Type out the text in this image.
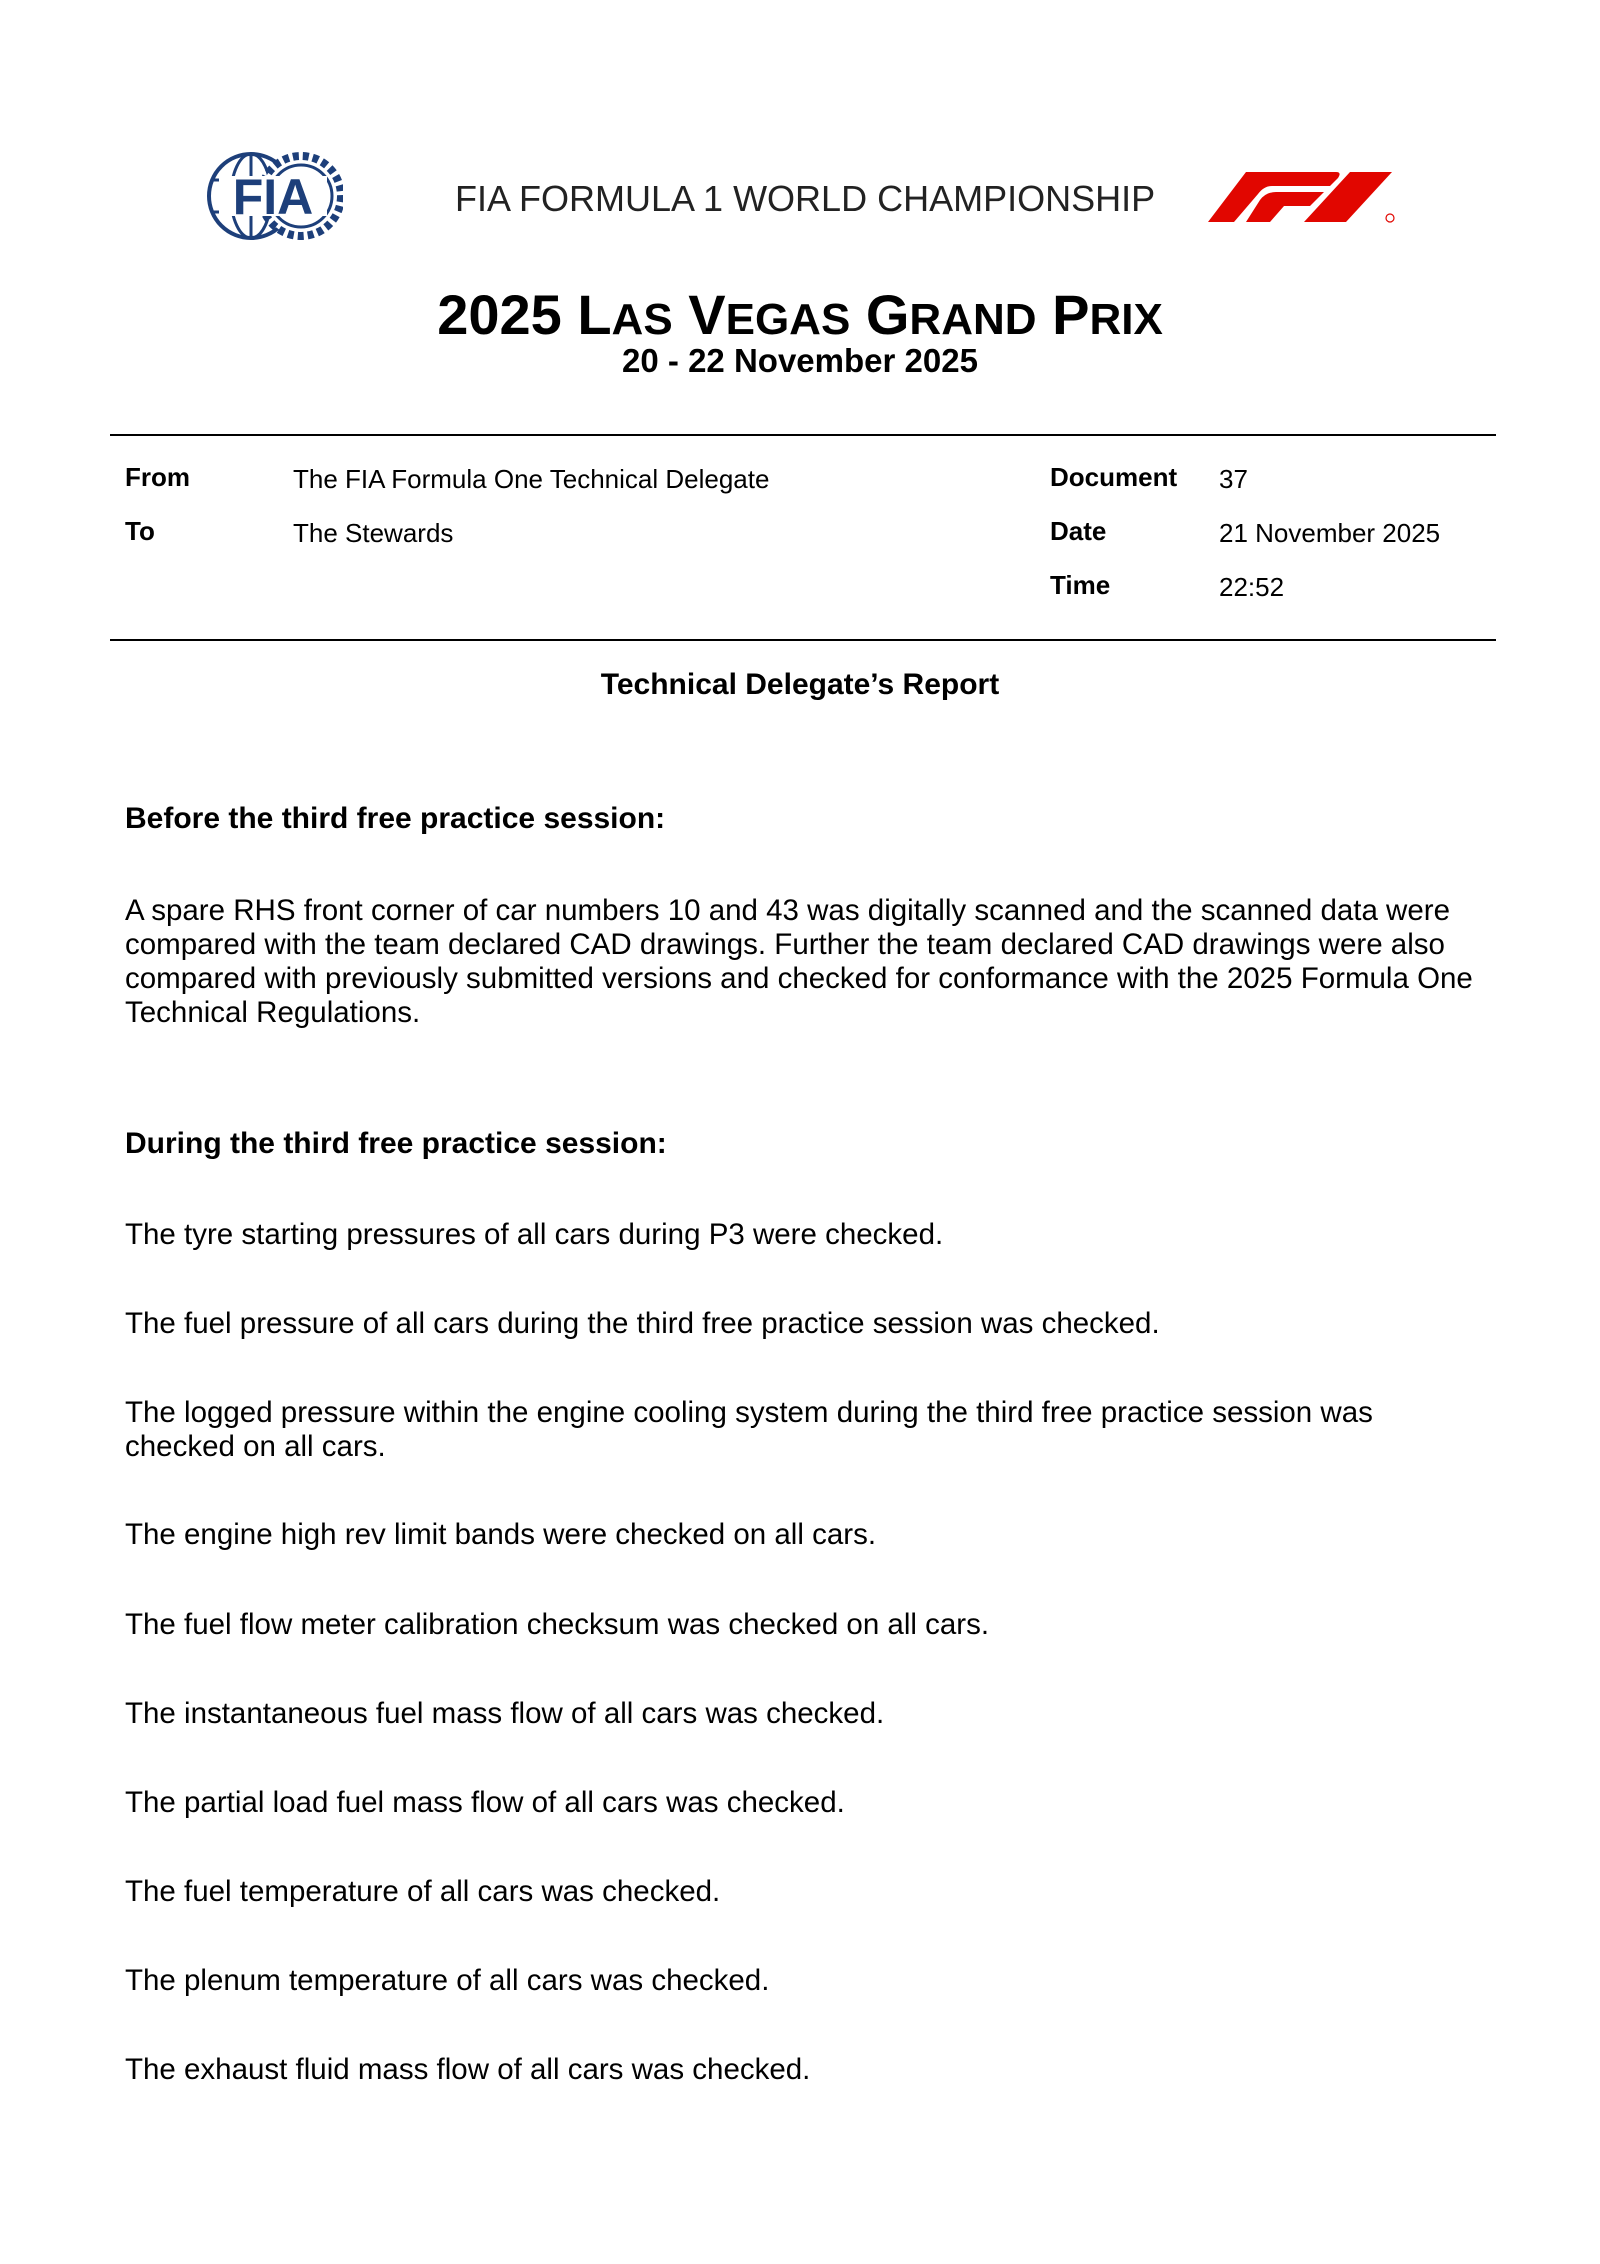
FIA	FIA FORMULA 1 WORLD CHAMPIONSHIP
2025 LAS VEGAS GRAND PRIX
20 - 22 November 2025
From	The FIA Formula One Technical Delegate
To	The Stewards
Document 37
Date	21 November 2025
Time	22:52
Technical Delegate’s Report
Before the third free practice session:
A spare RHS front corner of car numbers 10 and 43 was digitally scanned and the scanned data were compared with the team declared CAD drawings. Further the team declared CAD drawings were also compared with previously submitted versions and checked for conformance with the 2025 Formula One Technical Regulations.
During the third free practice session:
The tyre starting pressures of all cars during P3 were checked.
The fuel pressure of all cars during the third free practice session was checked.
The logged pressure within the engine cooling system during the third free practice session was checked on all cars.
The engine high rev limit bands were checked on all cars.
The fuel flow meter calibration checksum was checked on all cars.
The instantaneous fuel mass flow of all cars was checked.
The partial load fuel mass flow of all cars was checked.
The fuel temperature of all cars was checked.
The plenum temperature of all cars was checked.
The exhaust fluid mass flow of all cars was checked.
